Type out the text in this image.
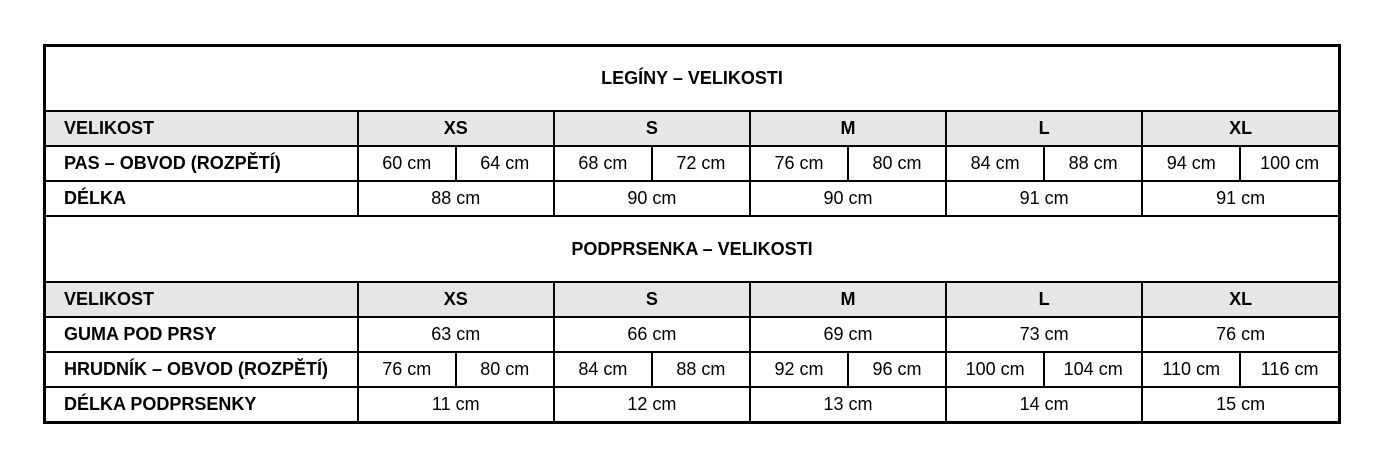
LEGÍNY – VELIKOSTI										
VELIKOST	XS		S		M		L		XL	
PAS – OBVOD (ROZPĚTÍ)	60 cm	64 cm	68 cm	72 cm	76 cm	80 cm	84 cm	88 cm	94 cm	100 cm
DÉLKA	88 cm		90 cm		90 cm		91 cm		91 cm	
PODPRSENKA – VELIKOSTI										
VELIKOST	XS		S		M		L		XL	
GUMA POD PRSY	63 cm		66 cm		69 cm		73 cm		76 cm	
HRUDNÍK – OBVOD (ROZPĚTÍ)	76 cm	80 cm	84 cm	88 cm	92 cm	96 cm	100 cm	104 cm	110 cm	116 cm
DÉLKA PODPRSENKY	11 cm		12 cm		13 cm		14 cm		15 cm	
